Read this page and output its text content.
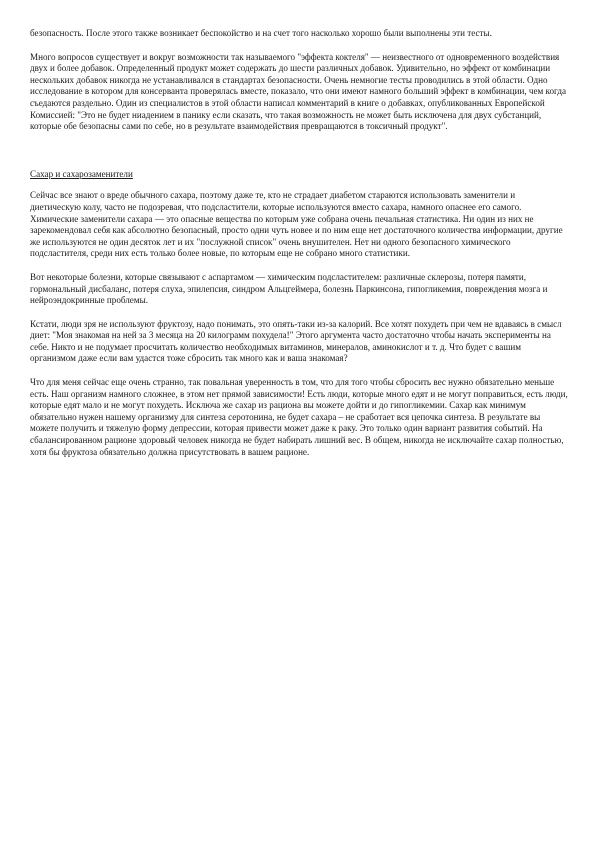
безопасность. После этого также возникает беспокойство и на счет того насколько хорошо были выполнены эти тесты.

Много вопросов существует и вокруг возможности так называемого "эффекта коктеля" — неизвестного от одновременного воздействия двух и более добавок. Определенный продукт может содержать до шести различных добавок. Удивительно, но эффект от комбинации нескольких добавок никогда не устанавливался в стандартах безопасности. Очень немногие тесты проводились в этой области. Одно исследование в котором для консервантa проверялась вместе, показало, что они имеют намного больший эффект в комбинации, чем когда съедаются раздельно. Один из специалистов в этой области написал комментарий в книге о добавках, опубликованных Европейской Комиссией: "Это не будет ниадением в панику если сказать, что такая возможность не может быть исключена для двух субстанций, которые обе безопасны сами по себе, но в результате взаимодействия превращаются в токсичный продукт".

Сахар и сахарозаменители

Сейчас все знают о вреде обычного сахара, поэтому даже те, кто не страдает диабетом стараются использовать заменители и диетическую колу, часто не подозревая, что подсластители, которые используются вместо сахара, намного опаснее его самого. Химические заменители сахара — это опасные вещества по которым уже собрана очень печальная статистика. Ни один из них не зарекомендовал себя как абсолютно безопасный, просто одни чуть новее и по ним еще нет достаточного количества информации, другие же используются не один десяток лет и их "послужной список" очень внушителен. Нет ни одного безопасного химического подсластителя, среди них есть только более новые, по которым еще не собрано много статистики.

Вот некоторые болезни, которые связывают с аспартамом — химическим подсластителем: различные склерозы, потеря памяти, гормональный дисбаланс, потеря слуха, эпилепсия, синдром Альцгеймера, болезнь Паркинсона, гипогликемия, повреждения мозга и нейроэндокринные проблемы.

Кстати, люди зря не используют фруктозу, надо понимать, это опять-таки из-за калорий. Все хотят похудеть при чем не вдаваясь в смысл диет: "Моя знакомая на ней за 3 месяца на 20 килограмм похудела!" Этого аргумента часто достаточно чтобы начать эксперименты на себе. Никто и не подумает просчитать количество необходимых витаминов, минералов, аминокислот и т. д. Что будет с вашим организмом даже если вам удастся тоже сбросить так много как и ваша знакомая?

Что для меня сейчас еще очень странно, так повальная уверенность в том, что для того чтобы сбросить вес нужно обязательно меньше есть. Наш организм намного сложнее, в этом нет прямой зависимости! Есть люди, которые много едят и не могут поправиться, есть люди, которые едят мало и не могут похудеть. Исключа же сахар из рациона вы можете дойти и до гипогликемии. Сахар как минимум обязательно нужен нашему организму для синтеза серотонина, не будет сахара – не сработает вся цепочка синтеза. В результате вы можете получить и тяжелую форму депрессии, которая привести может даже к раку. Это только один вариант развития событий. На сбалансированном рационе здоровый человек никогда не будет набирать лишний вес. В общем, никогда не исключайте сахар полностью, хотя бы фруктоза обязательно должна присутствовать в вашем рационе.
